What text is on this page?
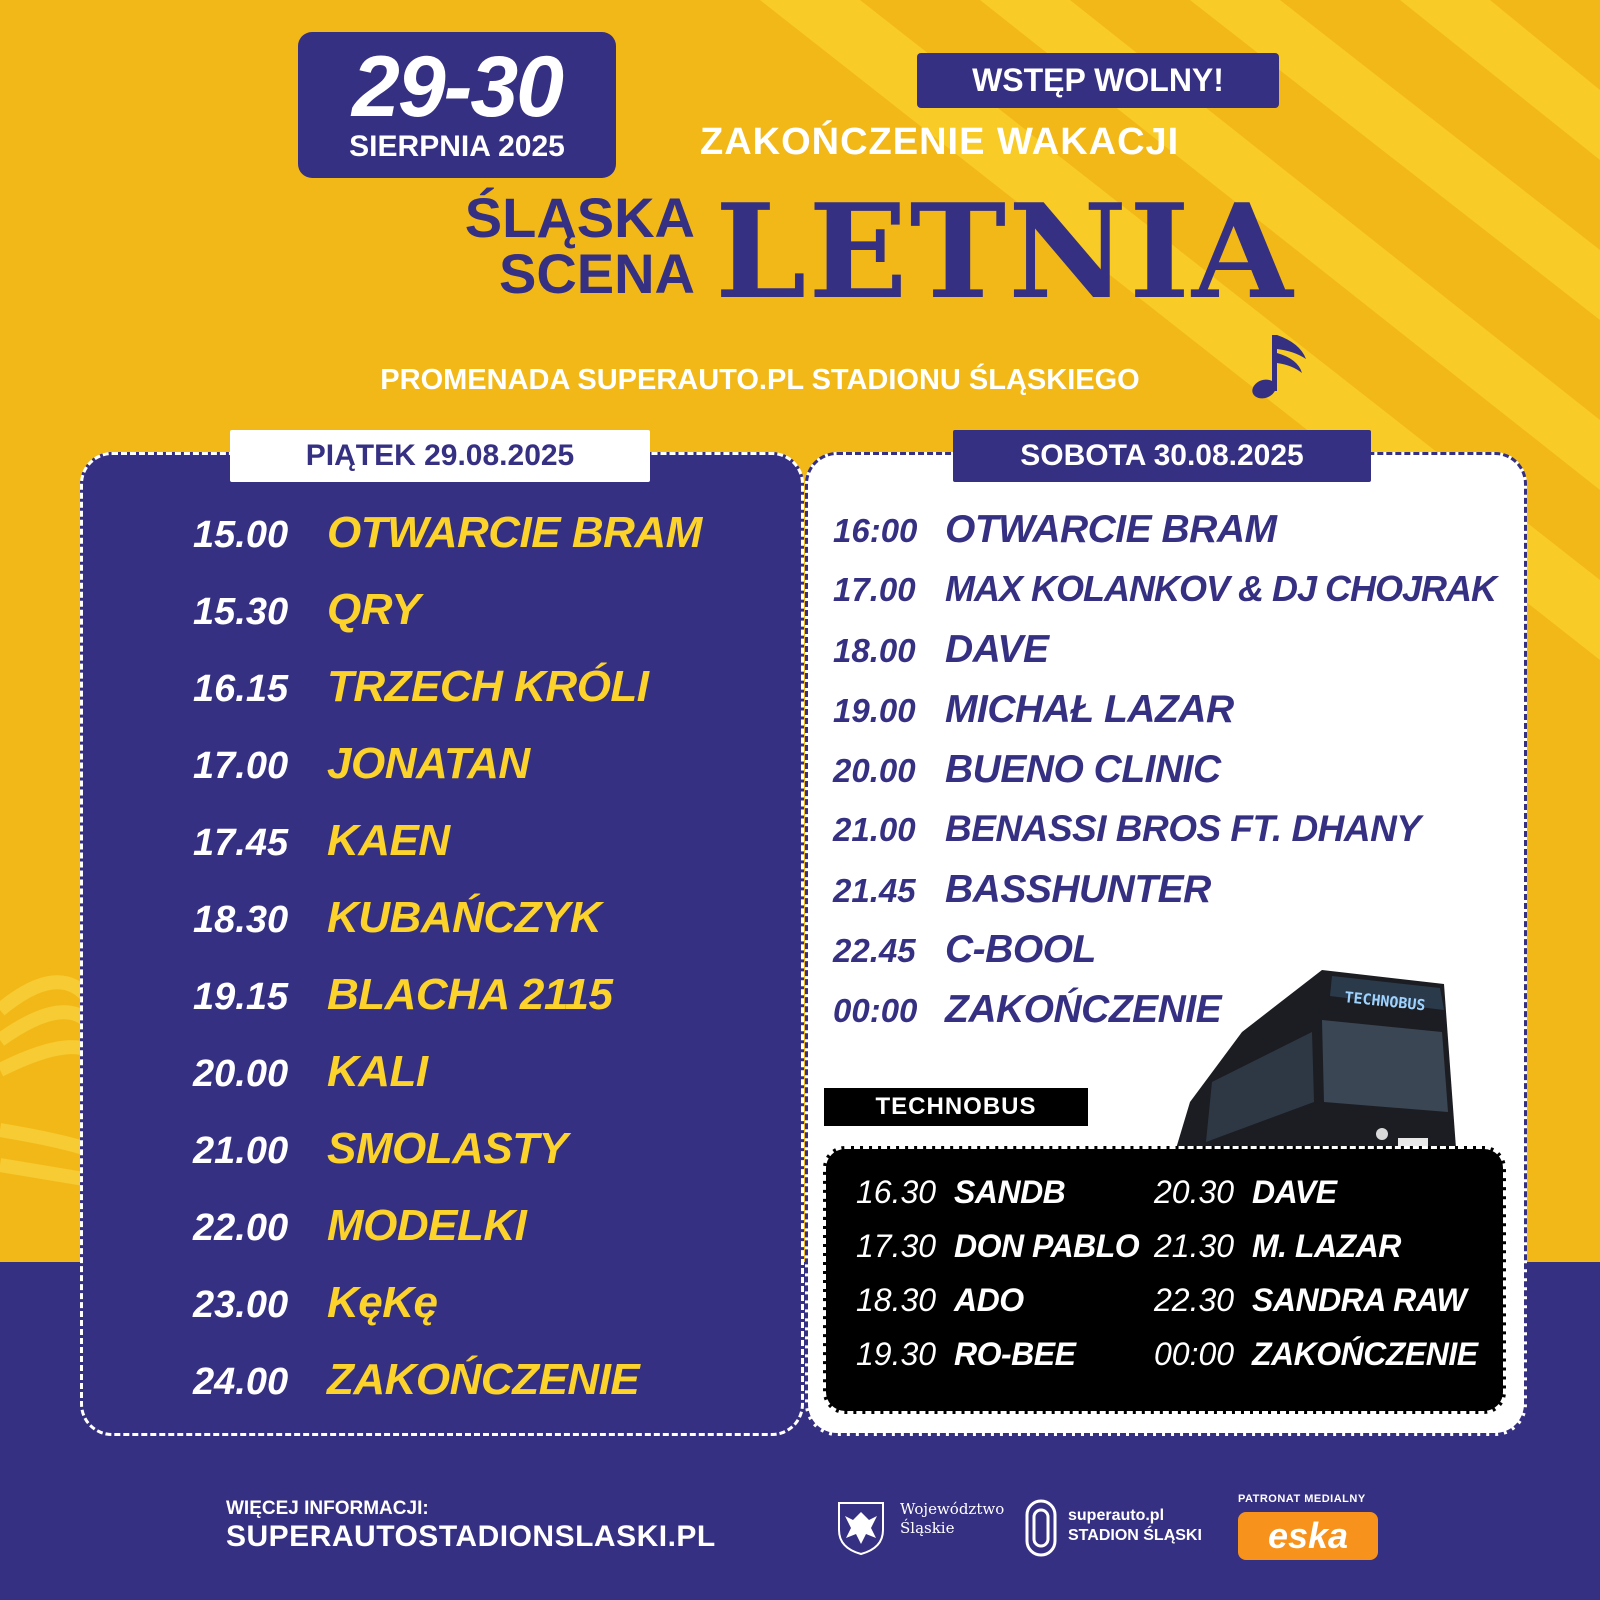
29-30
SIERPNIA 2025
WSTĘP WOLNY!
ZAKOŃCZENIE WAKACJI
ŚLĄSKA
SCENA LETNIA
PROMENADA SUPERAUTO.PL STADIONU ŚLĄSKIEGO
PIĄTEK 29.08.2025
15.00 OTWARCIE BRAM
15.30 QRY
16.15 TRZECH KRÓLI
17.00 JONATAN
17.45 KAEN
18.30 KUBAŃCZYK
19.15 BLACHA 2115
20.00 KALI
21.00 SMOLASTY
22.00 MODELKI
23.00 KęKę
24.00 ZAKOŃCZENIE
SOBOTA 30.08.2025
16:00 OTWARCIE BRAM
17.00 MAX KOLANKOV & DJ CHOJRAK
18.00 DAVE
19.00 MICHAŁ LAZAR
20.00 BUENO CLINIC
21.00 BENASSI BROS FT. DHANY
21.45 BASSHUNTER
22.45 C-BOOL
00:00 ZAKOŃCZENIE	TECHNOBUS
TECHNOBUS
16.30 SANDB
17.30 DON PABLO
18.30 ADO
19.30 RO-BEE
20.30 DAVE
21.30 M. LAZAR
22.30 SANDRA RAW
00:00 ZAKOŃCZENIE
WIĘCEJ INFORMACJI:
SUPERAUTOSTADIONSLASKI.PL
Województwo
Śląskie
superauto.pl
STADION ŚLĄSKI
PATRONAT MEDIALNY
eska
